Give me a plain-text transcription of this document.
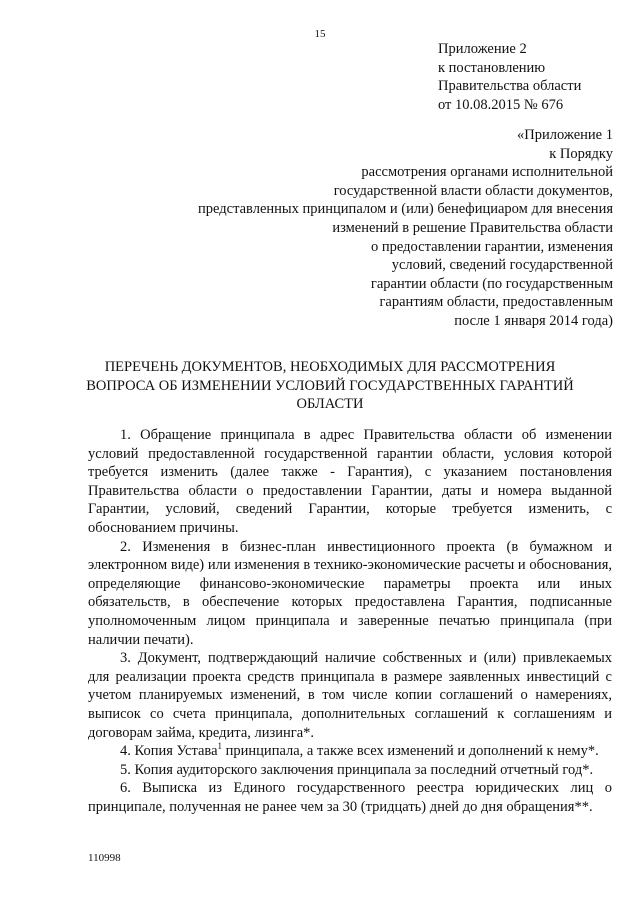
15
Приложение 2
к постановлению
Правительства области
от 10.08.2015 № 676
«Приложение 1
к Порядку
рассмотрения органами исполнительной
государственной власти области документов,
представленных принципалом и (или) бенефициаром для внесения
изменений в решение Правительства области
о предоставлении гарантии, изменения
условий, сведений государственной
гарантии области (по государственным
гарантиям области, предоставленным
после 1 января 2014 года)
ПЕРЕЧЕНЬ ДОКУМЕНТОВ, НЕОБХОДИМЫХ ДЛЯ РАССМОТРЕНИЯ
ВОПРОСА ОБ ИЗМЕНЕНИИ УСЛОВИЙ ГОСУДАРСТВЕННЫХ ГАРАНТИЙ
ОБЛАСТИ

1. Обращение принципала в адрес Правительства области об изменении условий предоставленной государственной гарантии области, условия которой требуется изменить (далее также - Гарантия), с указанием постановления Правительства области о предоставлении Гарантии, даты и номера выданной Гарантии, условий, сведений Гарантии, которые требуется изменить, с обоснованием причины.

2. Изменения в бизнес-план инвестиционного проекта (в бумажном и электронном виде) или изменения в технико-экономические расчеты и обоснования, определяющие финансово-экономические параметры проекта или иных обязательств, в обеспечение которых предоставлена Гарантия, подписанные уполномоченным лицом принципала и заверенные печатью принципала (при наличии печати).

3. Документ, подтверждающий наличие собственных и (или) привлекаемых для реализации проекта средств принципала в размере заявленных инвестиций с учетом планируемых изменений, в том числе копии соглашений о намерениях, выписок со счета принципала, дополнительных соглашений к соглашениям и договорам займа, кредита, лизинга*.

4. Копия Устава$^1$ принципала, а также всех изменений и дополнений к нему*.

5. Копия аудиторского заключения принципала за последний отчетный год*.

6. Выписка из Единого государственного реестра юридических лиц о принципале, полученная не ранее чем за 30 (тридцать) дней до дня обращения**.

110998
